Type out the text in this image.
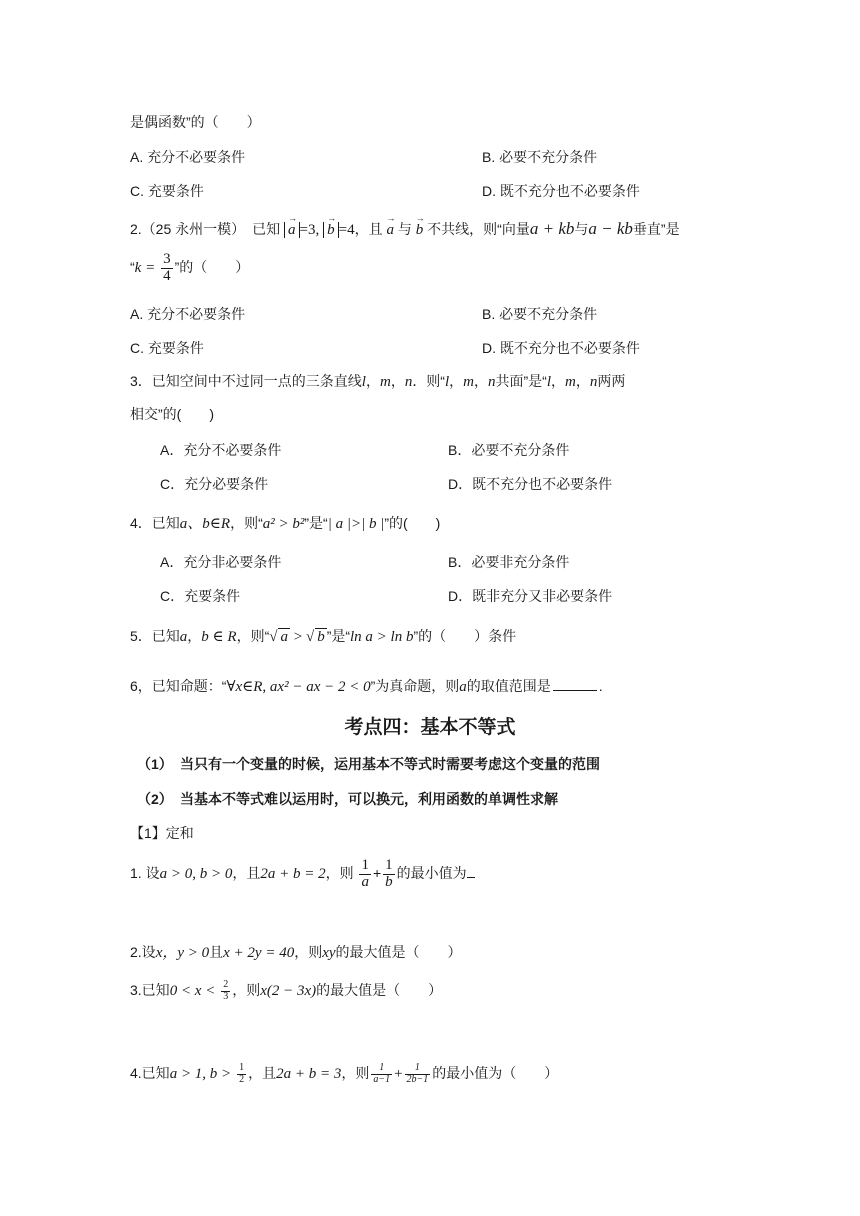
是偶函数”的（　　）
A. 充分不必要条件	B. 必要不充分条件
C. 充要条件	D. 既不充分也不必要条件
2.（25 永州一模）　已知 → a =3, → b =4，且 → a 与 → b 不共线，则“向量a + kb与a − kb垂直”是
“$k = \frac{3}{4}$ ”的（　　）
A. 充分不必要条件	B. 必要不充分条件
C. 充要条件	D. 既不充分也不必要条件
3．已知空间中不过同一点的三条直线l，m，n．则“l，m，n共面”是“l，m，n两两
相交”的(　　)
A．充分不必要条件	B．必要不充分条件
C．充分必要条件	D．既不充分也不必要条件
4．已知a、b∈R，则“a² > b²”是“| a |>| b |”的(　　)
A．充分非必要条件	B．必要非充分条件
C．充要条件	D．既非充分又非必要条件
5．已知a，b ∈ R，则“√ a > √ b ”是“ln a > ln b”的（　　）条件
6，已知命题：“∀x∈R, ax² − ax − 2 < 0”为真命题，则a的取值范围是	.
考点四：基本不等式
（1） 当只有一个变量的时候，运用基本不等式时需要考虑这个变量的范围
（2） 当基本不等式难以运用时，可以换元，利用函数的单调性求解
【1】定和
1. 设a > 0, b > 0，且2a + b = 2，则 $\frac{1}{a} + \frac{1}{b}$ 的最小值为
2.设x，y > 0且x + 2y = 40，则xy的最大值是（　　）
3.已知$0 < x < \frac{2}{3}$ ，则x(2 − 3x)的最大值是（　　）
4.已知a > 1, $b > \frac{1}{2}$ ，且2a + b = 3，则 $\frac{1}{a-1} + \frac{1}{2b-1}$ 的最小值为（　　）
